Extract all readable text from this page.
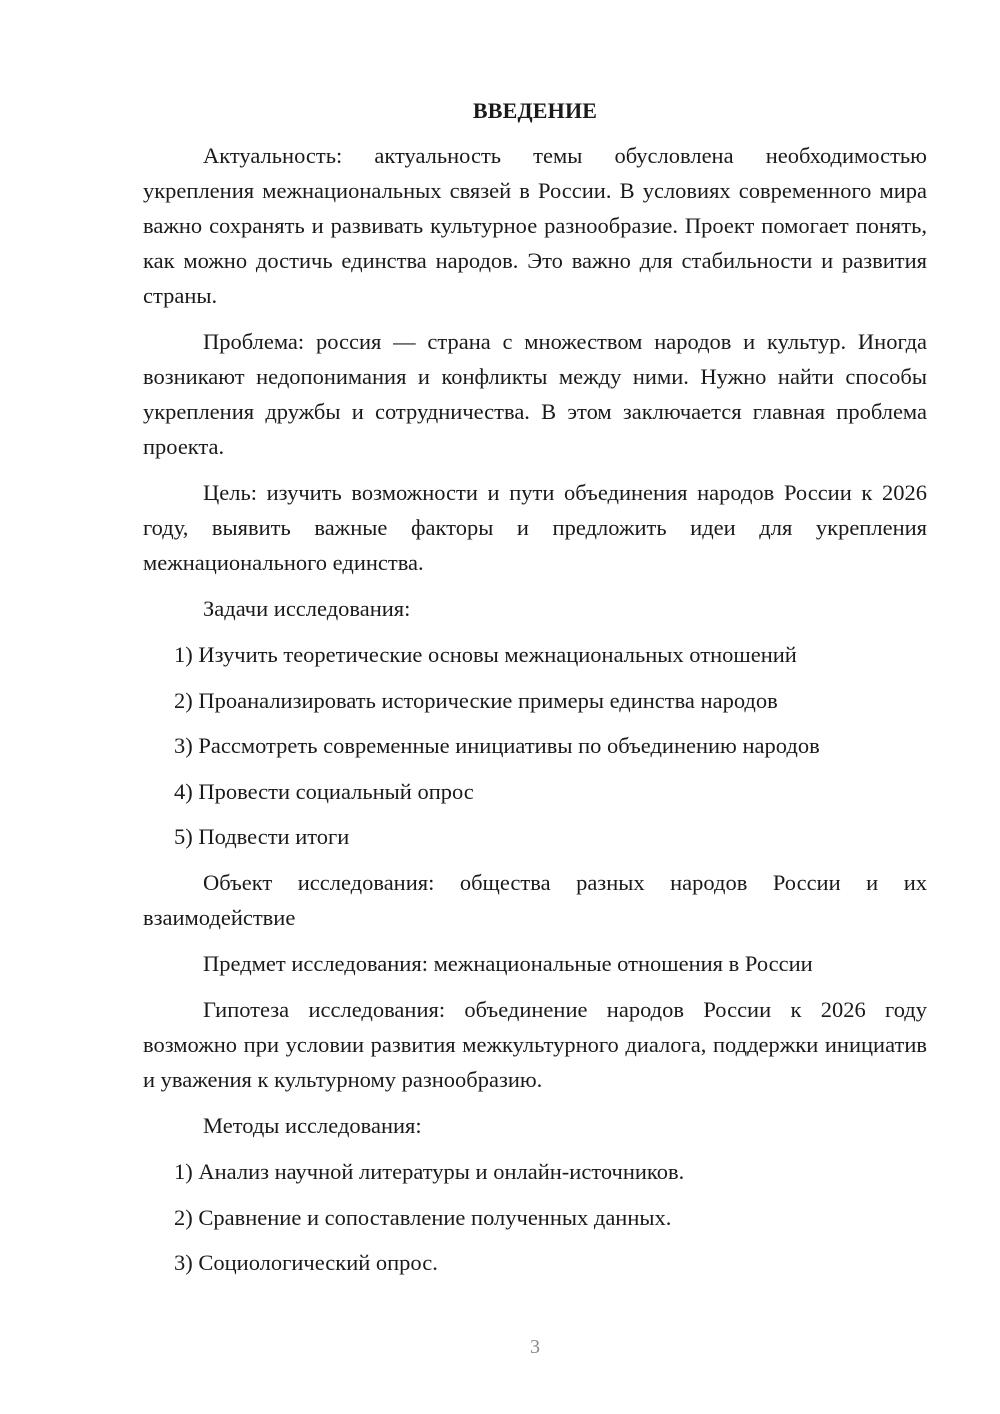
ВВЕДЕНИЕ

Актуальность: актуальность темы обусловлена необходимостью укрепления межнациональных связей в России. В условиях современного мира важно сохранять и развивать культурное разнообразие. Проект помогает понять, как можно достичь единства народов. Это важно для стабильности и развития страны.

Проблема: россия — страна с множеством народов и культур. Иногда возникают недопонимания и конфликты между ними. Нужно найти способы укрепления дружбы и сотрудничества. В этом заключается главная проблема проекта.

Цель: изучить возможности и пути объединения народов России к 2026 году, выявить важные факторы и предложить идеи для укрепления межнационального единства.

Задачи исследования:

1) Изучить теоретические основы межнациональных отношений
2) Проанализировать исторические примеры единства народов
3) Рассмотреть современные инициативы по объединению народов
4) Провести социальный опрос
5) Подвести итоги

Объект исследования: общества разных народов России и их взаимодействие

Предмет исследования: межнациональные отношения в России

Гипотеза исследования: объединение народов России к 2026 году возможно при условии развития межкультурного диалога, поддержки инициатив и уважения к культурному разнообразию.

Методы исследования:

1) Анализ научной литературы и онлайн-источников.
2) Сравнение и сопоставление полученных данных.
3) Социологический опрос.
3
